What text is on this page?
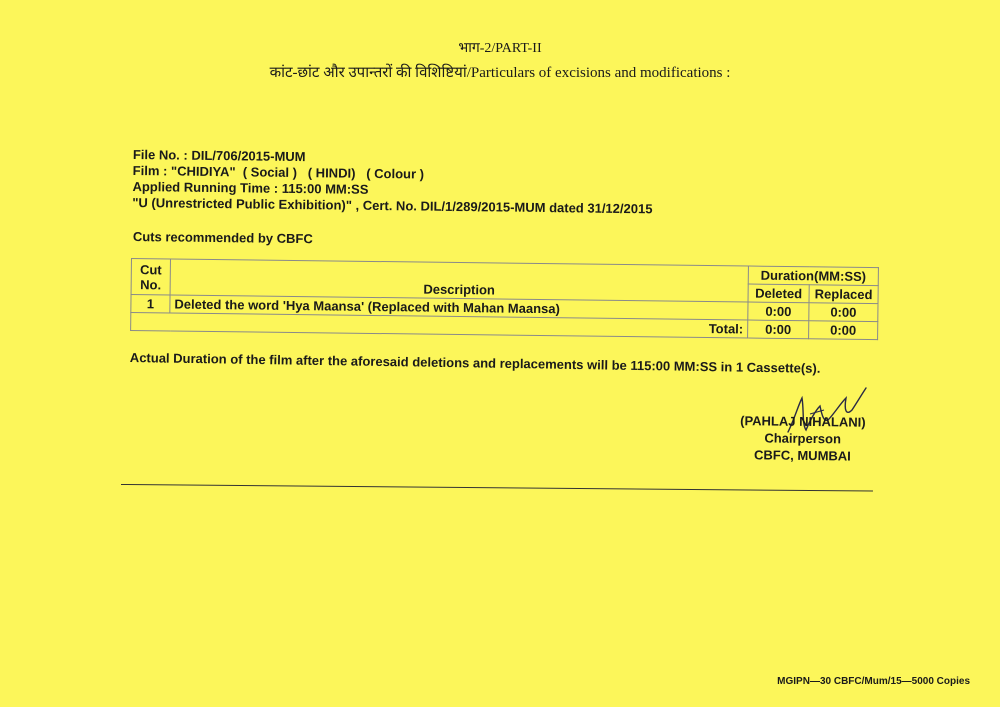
भाग-2/PART-II
कांट-छांट और उपान्तरों की विशिष्टियां/Particulars of excisions and modifications :
File No. : DIL/706/2015-MUM
Film : "CHIDIYA"  ( Social )   ( HINDI)   ( Colour )
Applied Running Time : 115:00 MM:SS
"U (Unrestricted Public Exhibition)" , Cert. No. DIL/1/289/2015-MUM dated 31/12/2015
Cuts recommended by CBFC
Cut No.	Description	Duration(MM:SS)	
		Deleted	Replaced
1	Deleted the word 'Hya Maansa' (Replaced with Mahan Maansa)	0:00	0:00
Total:		0:00	0:00
Actual Duration of the film after the aforesaid deletions and replacements will be 115:00 MM:SS in 1 Cassette(s).
(PAHLAJ NIHALANI)
Chairperson
CBFC, MUMBAI
MGIPN—30 CBFC/Mum/15—5000 Copies
